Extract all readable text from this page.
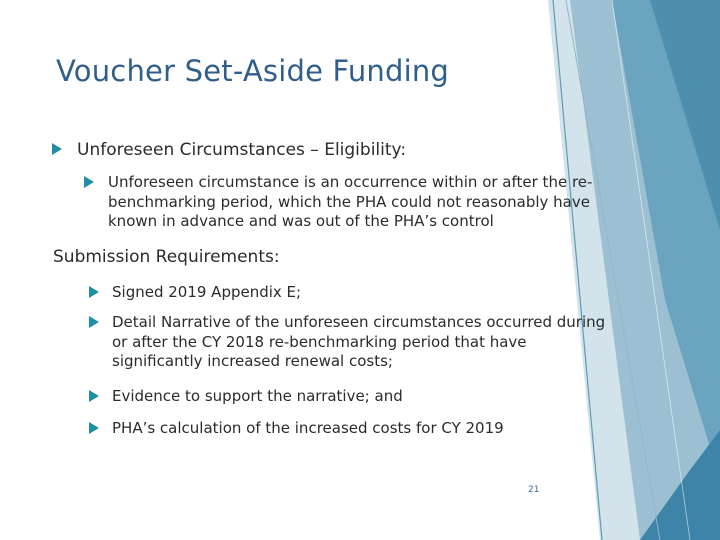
Voucher Set-Aside Funding
Unforeseen Circumstances – Eligibility:
Unforeseen circumstance is an occurrence within or after the re-benchmarking period, which the PHA could not reasonably have known in advance and was out of the PHA’s control
Submission Requirements:
Signed 2019 Appendix E;
Detail Narrative of the unforeseen circumstances occurred during or after the CY 2018 re-benchmarking period that have significantly increased renewal costs;
Evidence to support the narrative; and
PHA’s calculation of the increased costs for CY 2019
21
